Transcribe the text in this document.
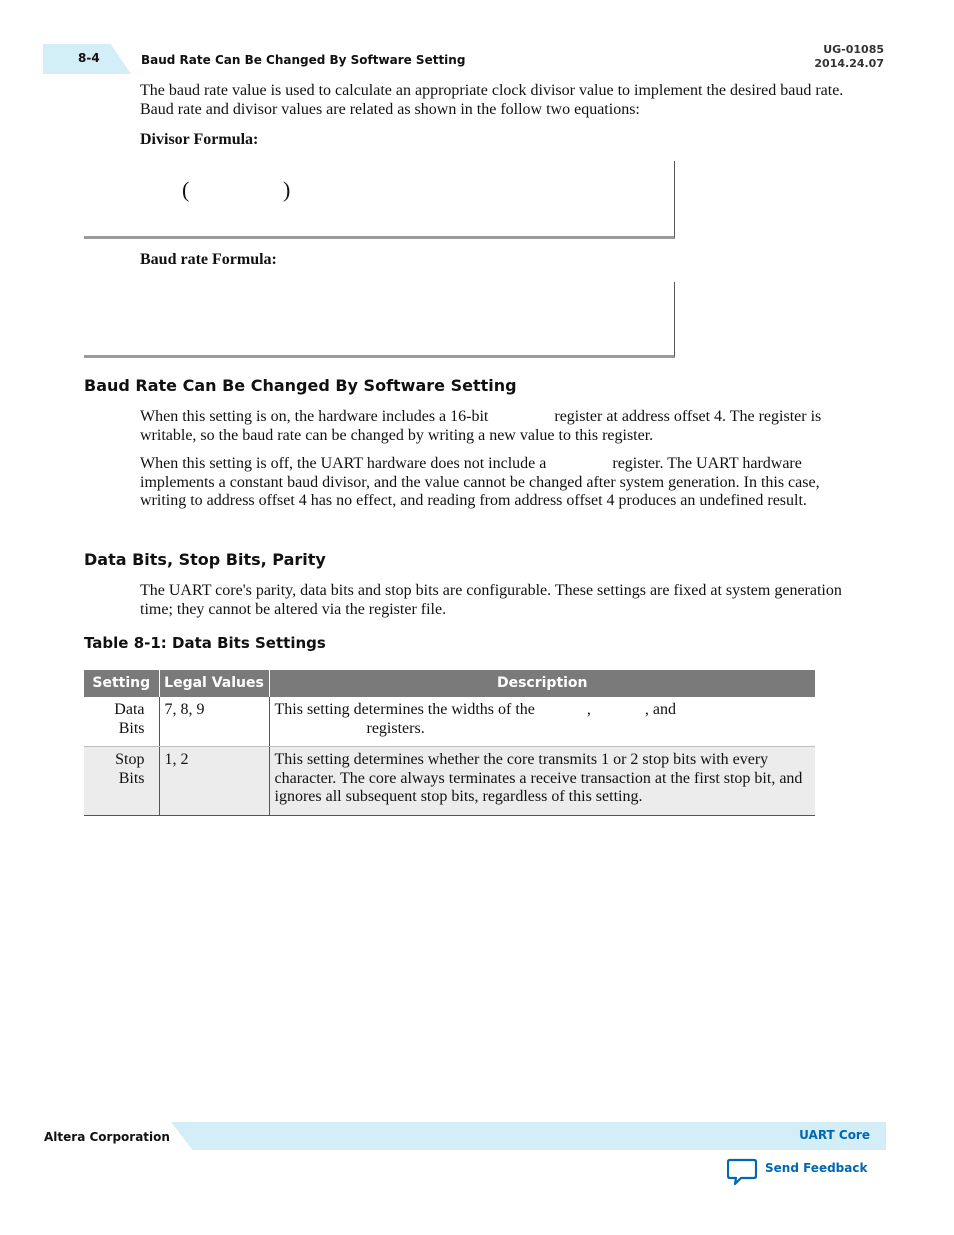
8-4	Baud Rate Can Be Changed By Software Setting
UG-01085
2014.24.07

The baud rate value is used to calculate an appropriate clock divisor value to implement the desired baud rate. Baud rate and divisor values are related as shown in the follow two equations:

Divisor Formula:
(	)
Baud rate Formula:
Baud Rate Can Be Changed By Software Setting

When this setting is on, the hardware includes a 16-bit	register at address offset 4. The register is writable, so the baud rate can be changed by writing a new value to this register.

When this setting is off, the UART hardware does not include a	register. The UART hardware implements a constant baud divisor, and the value cannot be changed after system generation. In this case, writing to address offset 4 has no effect, and reading from address offset 4 produces an undefined result.

Data Bits, Stop Bits, Parity

The UART core's parity, data bits and stop bits are configurable. These settings are fixed at system generation time; they cannot be altered via the register file.

Table 8-1: Data Bits Settings
Setting	Legal Values	Description
Data Bits	7, 8, 9	This setting determines the widths of the , , and
registers.
Stop Bits	1, 2	This setting determines whether the core transmits 1 or 2 stop bits with every character. The core always terminates a receive transaction at the first stop bit, and ignores all subsequent stop bits, regardless of this setting.
Altera Corporation	UART Core
Send Feedback
